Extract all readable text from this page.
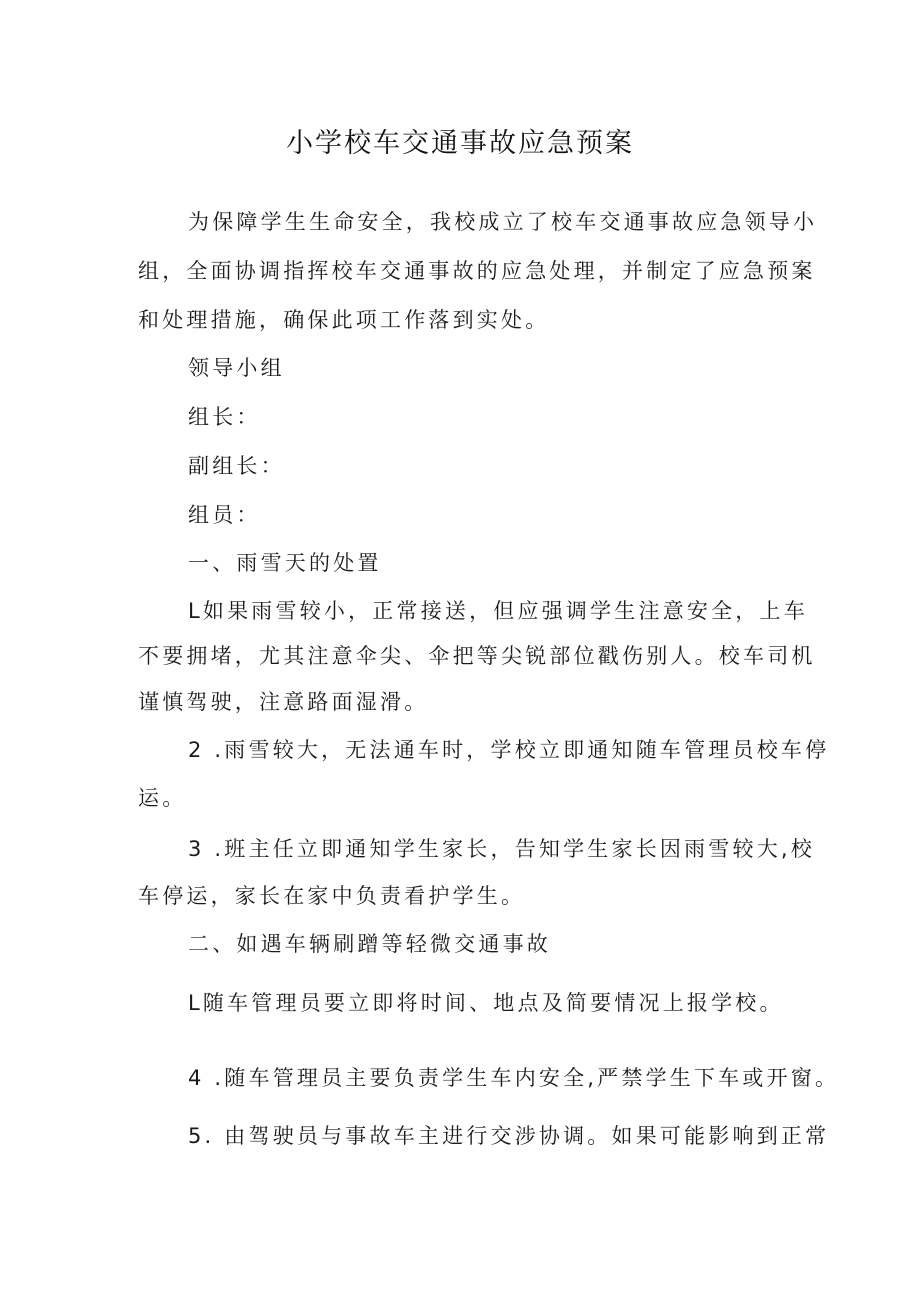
小学校车交通事故应急预案
为保障学生生命安全，我校成立了校车交通事故应急领导小
组，全面协调指挥校车交通事故的应急处理，并制定了应急预案
和处理措施，确保此项工作落到实处。
领导小组
组长：
副组长：
组员：
一、雨雪天的处置
L如果雨雪较小，正常接送，但应强调学生注意安全，上车
不要拥堵，尤其注意伞尖、伞把等尖锐部位戳伤别人。校车司机
谨慎驾驶，注意路面湿滑。
2 .雨雪较大，无法通车时，学校立即通知随车管理员校车停
运。
3 .班主任立即通知学生家长，告知学生家长因雨雪较大,校
车停运，家长在家中负责看护学生。
二、如遇车辆刷蹭等轻微交通事故
L随车管理员要立即将时间、地点及简要情况上报学校。
4 .随车管理员主要负责学生车内安全,严禁学生下车或开窗。
5. 由驾驶员与事故车主进行交涉协调。如果可能影响到正常
